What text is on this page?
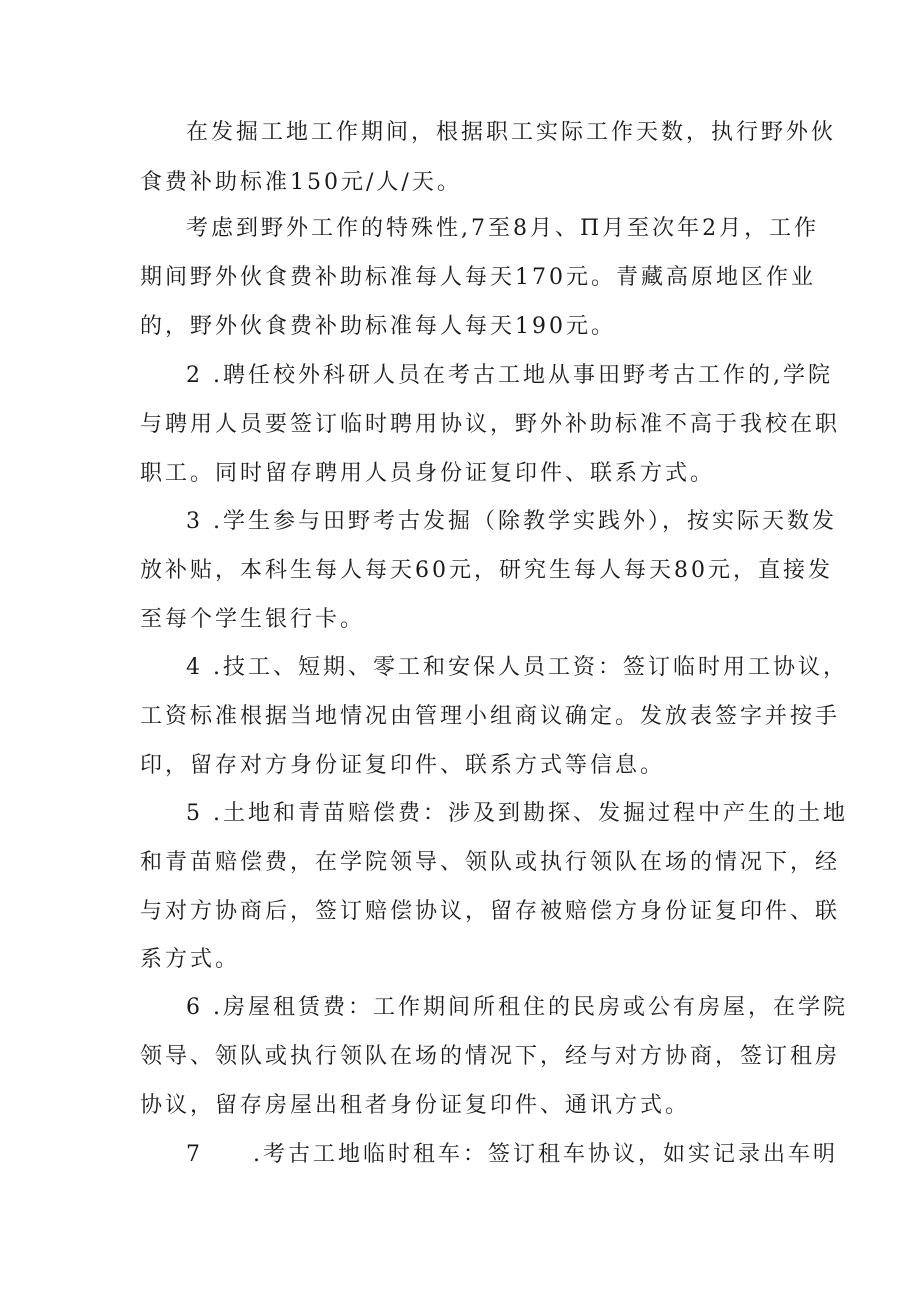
在发掘工地工作期间，根据职工实际工作天数，执行野外伙
食费补助标准150元/人/天。
考虑到野外工作的特殊性,7至8月、Π月至次年2月，工作
期间野外伙食费补助标准每人每天170元。青藏高原地区作业
的，野外伙食费补助标准每人每天190元。
2 .聘任校外科研人员在考古工地从事田野考古工作的,学院
与聘用人员要签订临时聘用协议，野外补助标准不高于我校在职
职工。同时留存聘用人员身份证复印件、联系方式。
3 .学生参与田野考古发掘（除教学实践外），按实际天数发
放补贴，本科生每人每天60元，研究生每人每天80元，直接发
至每个学生银行卡。
4 .技工、短期、零工和安保人员工资：签订临时用工协议，
工资标准根据当地情况由管理小组商议确定。发放表签字并按手
印，留存对方身份证复印件、联系方式等信息。
5 .土地和青苗赔偿费：涉及到勘探、发掘过程中产生的土地
和青苗赔偿费，在学院领导、领队或执行领队在场的情况下，经
与对方协商后，签订赔偿协议，留存被赔偿方身份证复印件、联
系方式。
6 .房屋租赁费：工作期间所租住的民房或公有房屋，在学院
领导、领队或执行领队在场的情况下，经与对方协商，签订租房
协议，留存房屋出租者身份证复印件、通讯方式。
7　　.考古工地临时租车：签订租车协议，如实记录出车明
